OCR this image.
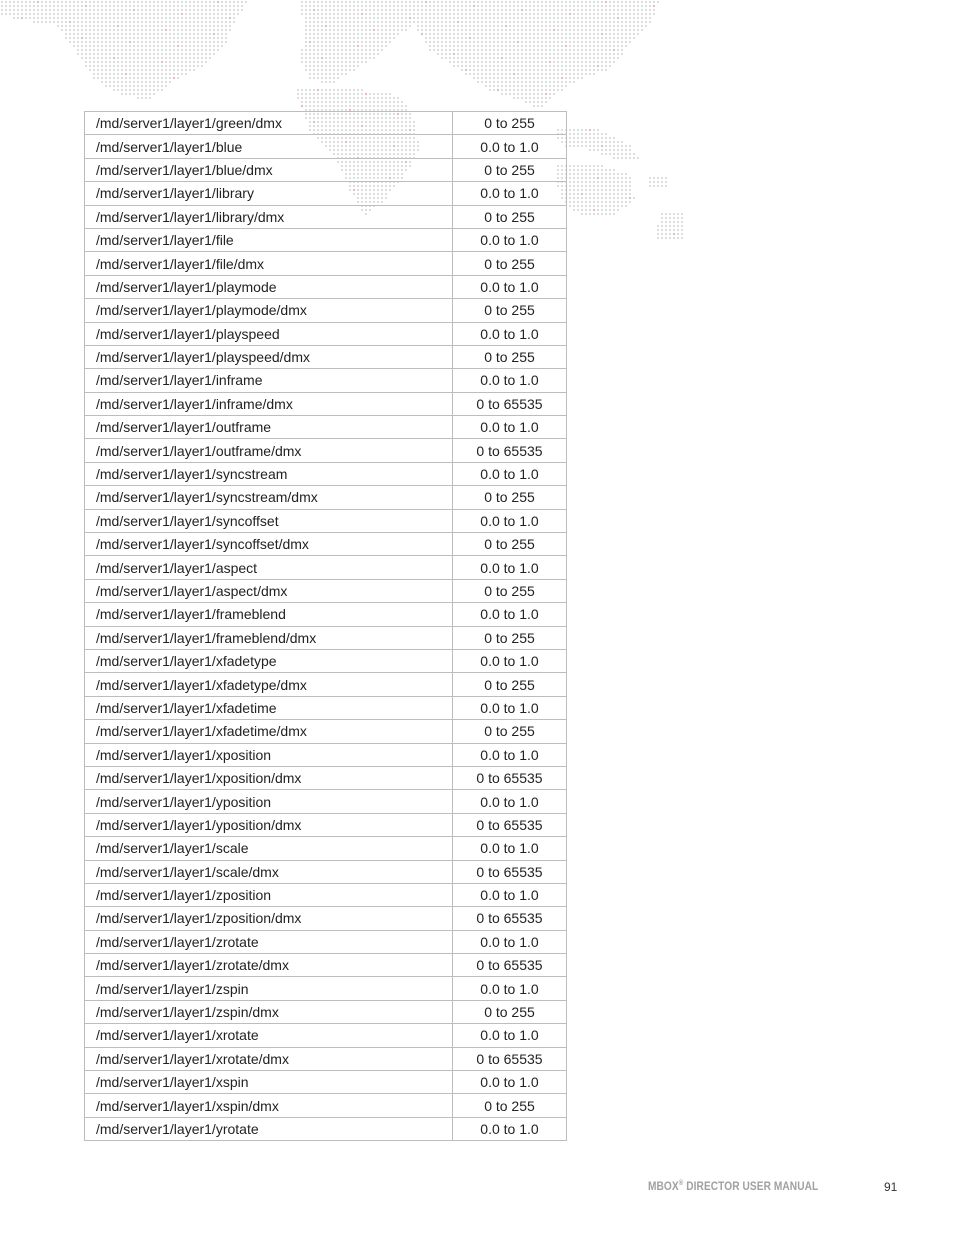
/md/server1/layer1/green/dmx	0 to 255
/md/server1/layer1/blue	0.0 to 1.0
/md/server1/layer1/blue/dmx	0 to 255
/md/server1/layer1/library	0.0 to 1.0
/md/server1/layer1/library/dmx	0 to 255
/md/server1/layer1/file	0.0 to 1.0
/md/server1/layer1/file/dmx	0 to 255
/md/server1/layer1/playmode	0.0 to 1.0
/md/server1/layer1/playmode/dmx	0 to 255
/md/server1/layer1/playspeed	0.0 to 1.0
/md/server1/layer1/playspeed/dmx	0 to 255
/md/server1/layer1/inframe	0.0 to 1.0
/md/server1/layer1/inframe/dmx	0 to 65535
/md/server1/layer1/outframe	0.0 to 1.0
/md/server1/layer1/outframe/dmx	0 to 65535
/md/server1/layer1/syncstream	0.0 to 1.0
/md/server1/layer1/syncstream/dmx	0 to 255
/md/server1/layer1/syncoffset	0.0 to 1.0
/md/server1/layer1/syncoffset/dmx	0 to 255
/md/server1/layer1/aspect	0.0 to 1.0
/md/server1/layer1/aspect/dmx	0 to 255
/md/server1/layer1/frameblend	0.0 to 1.0
/md/server1/layer1/frameblend/dmx	0 to 255
/md/server1/layer1/xfadetype	0.0 to 1.0
/md/server1/layer1/xfadetype/dmx	0 to 255
/md/server1/layer1/xfadetime	0.0 to 1.0
/md/server1/layer1/xfadetime/dmx	0 to 255
/md/server1/layer1/xposition	0.0 to 1.0
/md/server1/layer1/xposition/dmx	0 to 65535
/md/server1/layer1/yposition	0.0 to 1.0
/md/server1/layer1/yposition/dmx	0 to 65535
/md/server1/layer1/scale	0.0 to 1.0
/md/server1/layer1/scale/dmx	0 to 65535
/md/server1/layer1/zposition	0.0 to 1.0
/md/server1/layer1/zposition/dmx	0 to 65535
/md/server1/layer1/zrotate	0.0 to 1.0
/md/server1/layer1/zrotate/dmx	0 to 65535
/md/server1/layer1/zspin	0.0 to 1.0
/md/server1/layer1/zspin/dmx	0 to 255
/md/server1/layer1/xrotate	0.0 to 1.0
/md/server1/layer1/xrotate/dmx	0 to 65535
/md/server1/layer1/xspin	0.0 to 1.0
/md/server1/layer1/xspin/dmx	0 to 255
/md/server1/layer1/yrotate	0.0 to 1.0
MBOX® DIRECTOR USER MANUAL	91
